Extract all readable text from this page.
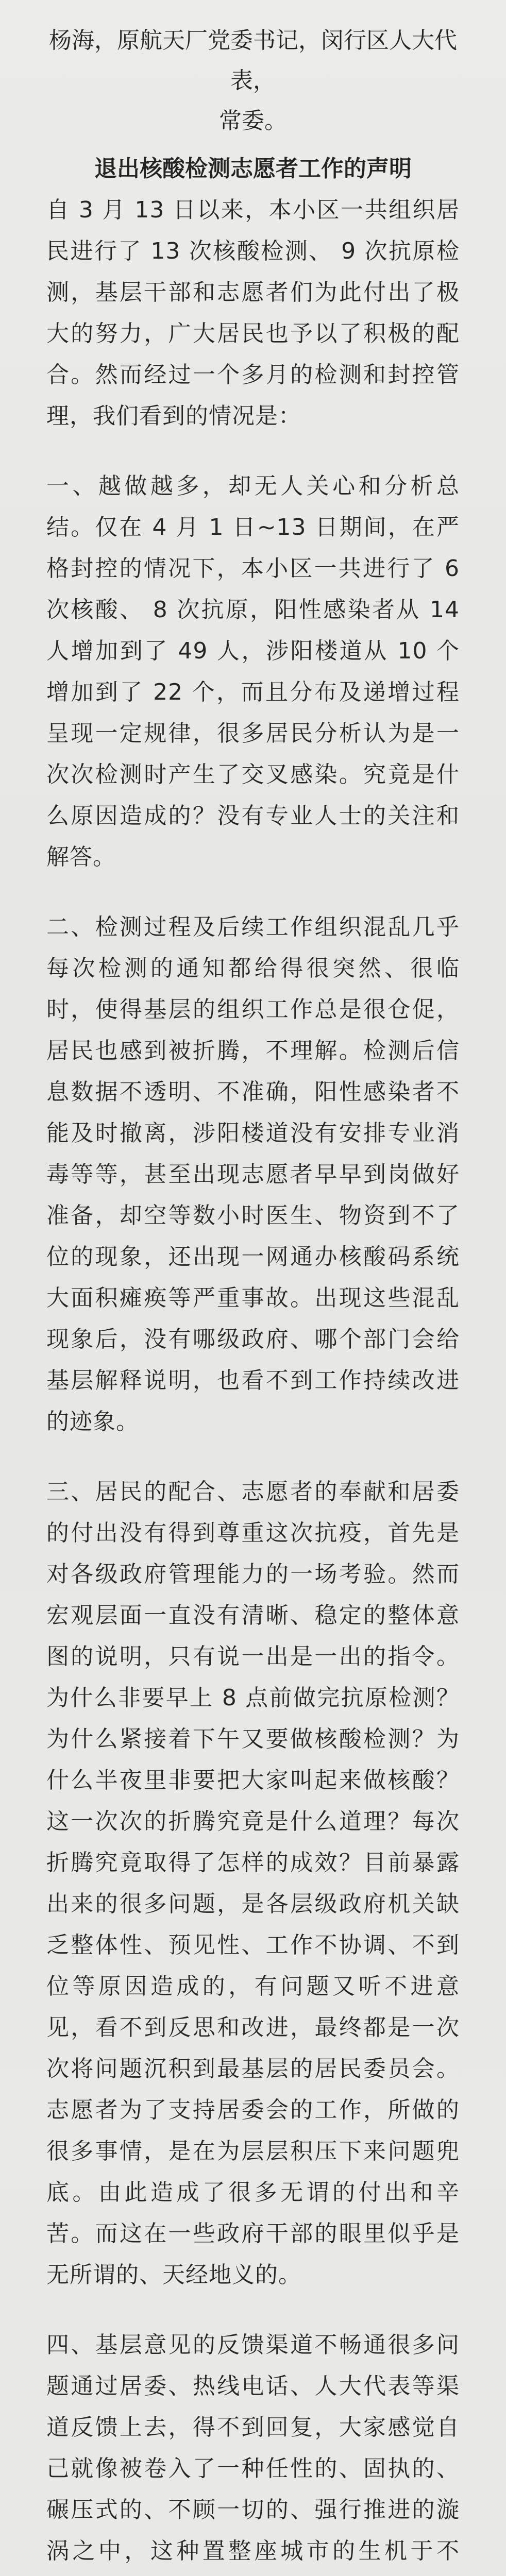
杨海，原航天厂党委书记，闵行区人大代表，
常委。

退出核酸检测志愿者工作的声明

自 3 月 13 日以来，本小区一共组织居民进行了 13 次核酸检测、 9 次抗原检测，基层干部和志愿者们为此付出了极大的努力，广大居民也予以了积极的配合。然而经过一个多月的检测和封控管理，我们看到的情况是：

一、越做越多，却无人关心和分析总结。仅在 4 月 1 日~13 日期间，在严格封控的情况下，本小区一共进行了 6 次核酸、 8 次抗原，阳性感染者从 14 人增加到了 49 人，涉阳楼道从 10 个增加到了 22 个，而且分布及递增过程呈现一定规律，很多居民分析认为是一次次检测时产生了交叉感染。究竟是什么原因造成的？没有专业人士的关注和解答。

二、检测过程及后续工作组织混乱几乎每次检测的通知都给得很突然、很临时，使得基层的组织工作总是很仓促，居民也感到被折腾，不理解。检测后信息数据不透明、不准确，阳性感染者不能及时撤离，涉阳楼道没有安排专业消毒等等，甚至出现志愿者早早到岗做好准备，却空等数小时医生、物资到不了位的现象，还出现一网通办核酸码系统大面积瘫痪等严重事故。出现这些混乱现象后，没有哪级政府、哪个部门会给基层解释说明，也看不到工作持续改进的迹象。

三、居民的配合、志愿者的奉献和居委的付出没有得到尊重这次抗疫，首先是对各级政府管理能力的一场考验。然而宏观层面一直没有清晰、稳定的整体意图的说明，只有说一出是一出的指令。为什么非要早上 8 点前做完抗原检测？为什么紧接着下午又要做核酸检测？为什么半夜里非要把大家叫起来做核酸？这一次次的折腾究竟是什么道理？每次折腾究竟取得了怎样的成效？目前暴露出来的很多问题，是各层级政府机关缺乏整体性、预见性、工作不协调、不到位等原因造成的，有问题又听不进意见，看不到反思和改进，最终都是一次次将问题沉积到最基层的居民委员会。志愿者为了支持居委会的工作，所做的很多事情，是在为层层积压下来问题兜底。由此造成了很多无谓的付出和辛苦。而这在一些政府干部的眼里似乎是无所谓的、天经地义的。

四、基层意见的反馈渠道不畅通很多问题通过居委、热线电话、人大代表等渠道反馈上去，得不到回复，大家感觉自己就像被卷入了一种任性的、固执的、碾压式的、不顾一切的、强行推进的漩涡之中，这种置整座城市的生机于不
